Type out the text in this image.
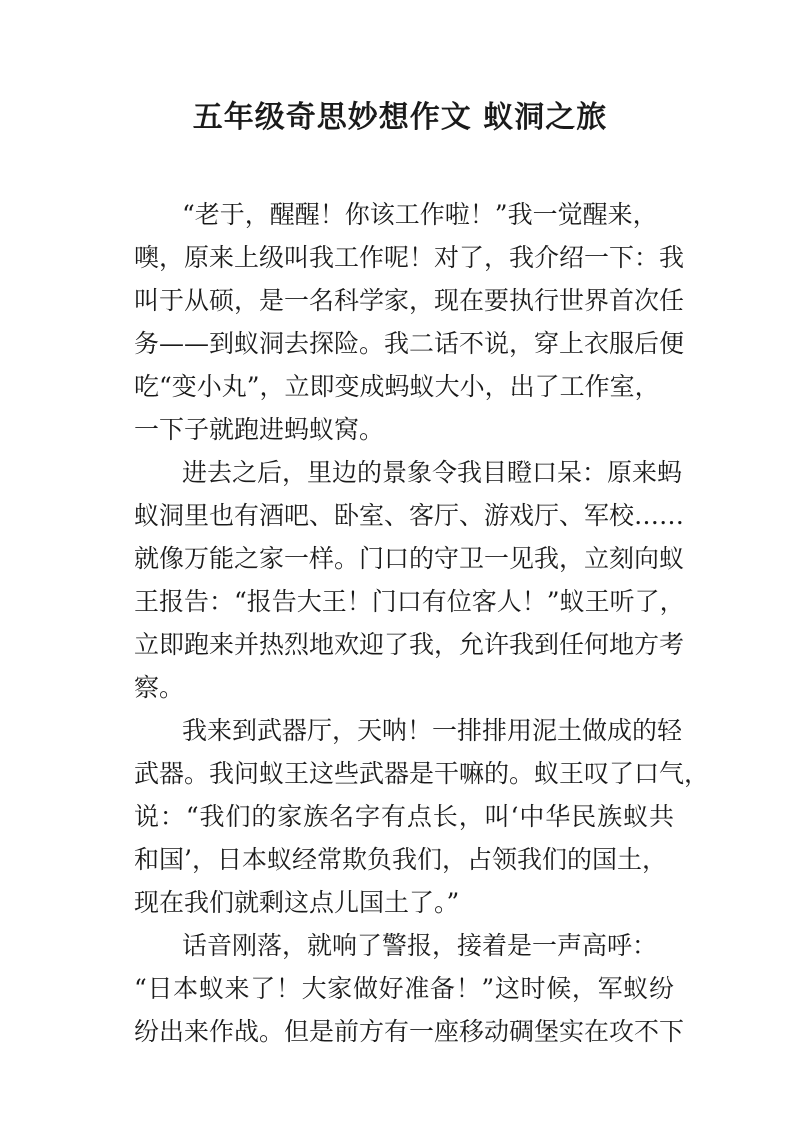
五年级奇思妙想作文 蚁洞之旅
“老于，醒醒！你该工作啦！”我一觉醒来，
噢，原来上级叫我工作呢！对了，我介绍一下：我
叫于从硕，是一名科学家，现在要执行世界首次任
务——到蚁洞去探险。我二话不说，穿上衣服后便
吃“变小丸”，立即变成蚂蚁大小，出了工作室，
一下子就跑进蚂蚁窝。
进去之后，里边的景象令我目瞪口呆：原来蚂
蚁洞里也有酒吧、卧室、客厅、游戏厅、军校……
就像万能之家一样。门口的守卫一见我，立刻向蚁
王报告：“报告大王！门口有位客人！”蚁王听了，
立即跑来并热烈地欢迎了我，允许我到任何地方考
察。
我来到武器厅，天呐！一排排用泥土做成的轻
武器。我问蚁王这些武器是干嘛的。蚁王叹了口气，
说：“我们的家族名字有点长，叫‘中华民族蚁共
和国’，日本蚁经常欺负我们，占领我们的国土，
现在我们就剩这点儿国土了。”
话音刚落，就响了警报，接着是一声高呼：
“日本蚁来了！大家做好准备！”这时候，军蚁纷
纷出来作战。但是前方有一座移动碉堡实在攻不下
